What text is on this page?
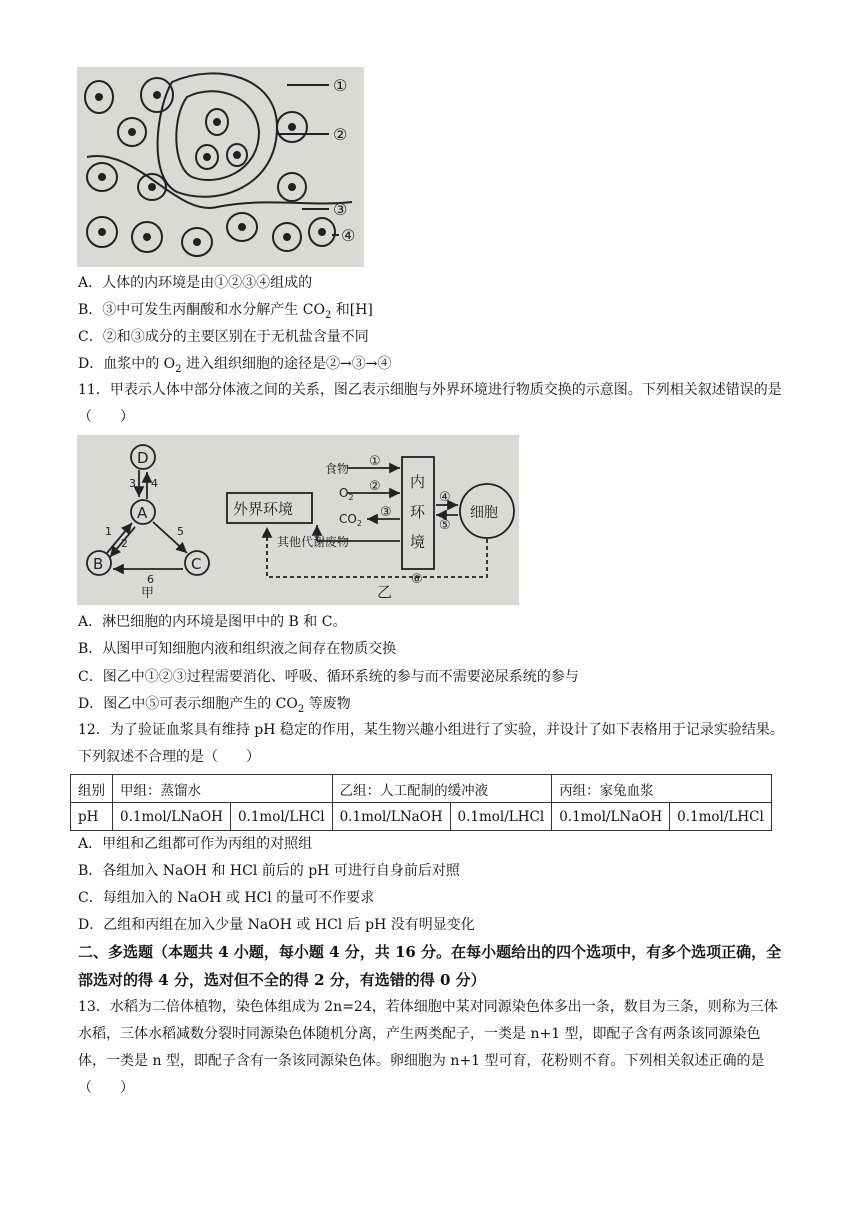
①
②
③
④
A．人体的内环境是由①②③④组成的
B．③中可发生丙酮酸和水分解产生 $CO_2$ 和[H]
C．②和③成分的主要区别在于无机盐含量不同
D．血浆中的 $O_2$ 进入组织细胞的途径是②→③→④
11．甲表示人体中部分体液之间的关系，图乙表示细胞与外界环境进行物质交换的示意图。下列相关叙述错误的是（　　）
D
A
B	C
3 4
1
2
5
6
甲	乙
外界环境
内
环
境
细胞
食物
$O_2$
$CO_2$
其他代谢废物
①
②
③
④
⑤
⑥
A．淋巴细胞的内环境是图甲中的 B 和 C。
B．从图甲可知细胞内液和组织液之间存在物质交换
C．图乙中①②③过程需要消化、呼吸、循环系统的参与而不需要泌尿系统的参与
D．图乙中⑤可表示细胞产生的 $CO_2$ 等废物
12．为了验证血浆具有维持 pH 稳定的作用，某生物兴趣小组进行了实验，并设计了如下表格用于记录实验结果。下列叙述不合理的是（　　）
组别	甲组：蒸馏水		乙组：人工配制的缓冲液		丙组：家兔血浆	
pH	0.1mol/LNaOH	0.1mol/LHCl	0.1mol/LNaOH	0.1mol/LHCl	0.1mol/LNaOH	0.1mol/LHCl
A．甲组和乙组都可作为丙组的对照组
B．各组加入 NaOH 和 HCl 前后的 pH 可进行自身前后对照
C．每组加入的 NaOH 或 HCl 的量可不作要求
D．乙组和丙组在加入少量 NaOH 或 HCl 后 pH 没有明显变化
二、多选题（本题共 4 小题，每小题 4 分，共 16 分。在每小题给出的四个选项中，有多个选项正确，全部选对的得 4 分，选对但不全的得 2 分，有选错的得 0 分）
13．水稻为二倍体植物，染色体组成为 2n=24，若体细胞中某对同源染色体多出一条，数目为三条，则称为三体水稻，三体水稻减数分裂时同源染色体随机分离，产生两类配子，一类是 n+1 型，即配子含有两条该同源染色体，一类是 n 型，即配子含有一条该同源染色体。卵细胞为 n+1 型可育，花粉则不育。下列相关叙述正确的是（　　）
